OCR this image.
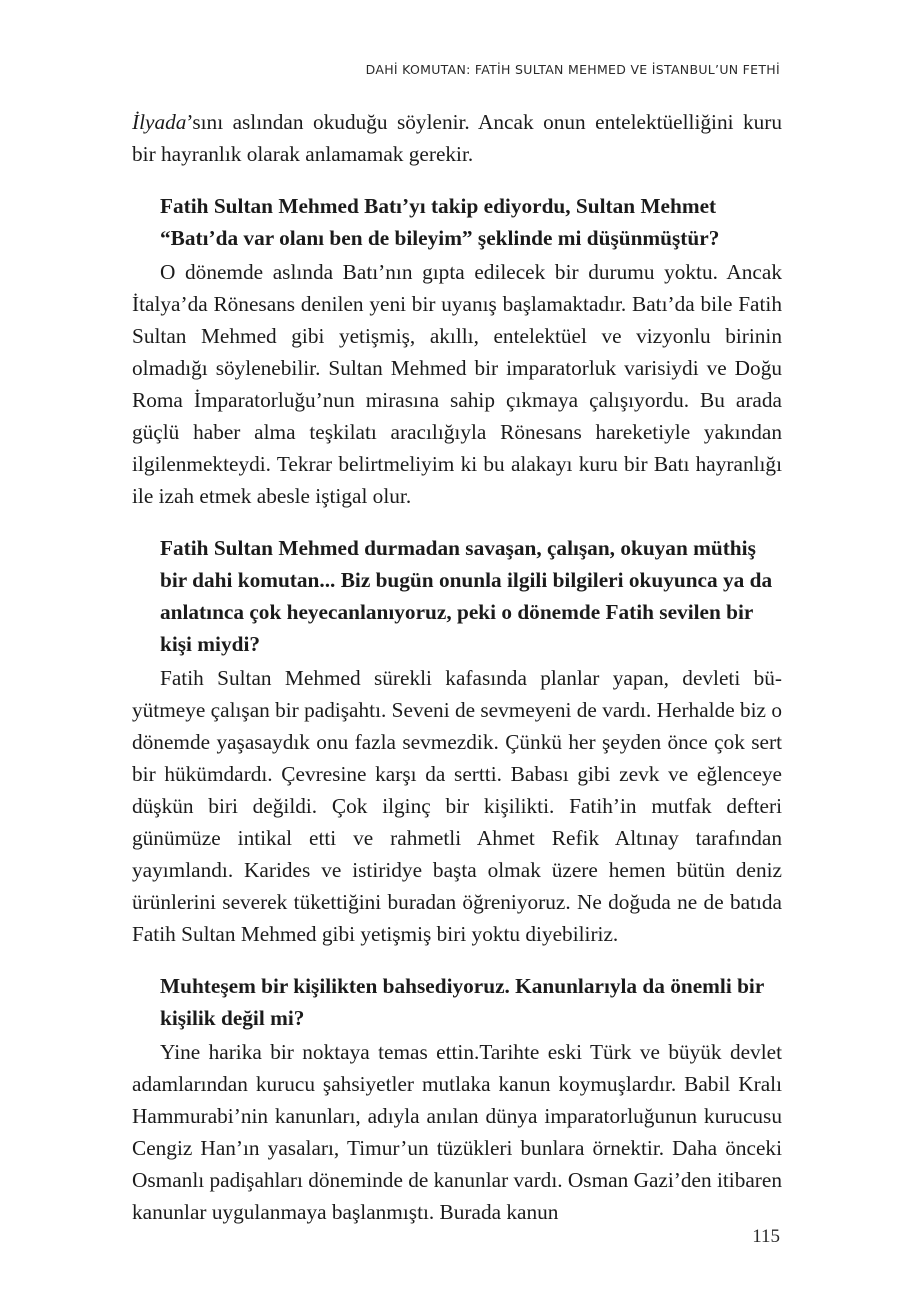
DAHİ KOMUTAN: FATİH SULTAN MEHMED VE İSTANBUL’UN FETHİ

İlyada’sını aslından okuduğu söylenir. Ancak onun entelektüelliğini kuru bir hayranlık olarak anlamamak gerekir.

Fatih Sultan Mehmed Batı’yı takip ediyordu, Sultan Mehmet “Batı’da var olanı ben de bileyim” şeklinde mi düşünmüştür?

O dönemde aslında Batı’nın gıpta edilecek bir durumu yoktu. Ancak İtalya’da Rönesans denilen yeni bir uyanış başlamaktadır. Batı’da bile Fatih Sultan Mehmed gibi yetişmiş, akıllı, entelektüel ve vizyonlu birinin olmadığı söylenebilir. Sultan Mehmed bir imparatorluk varisiydi ve Doğu Roma İmparatorluğu’nun mirasına sahip çıkmaya çalışıyordu. Bu arada güçlü haber alma teşkilatı aracılığıyla Rönesans hareketiyle yakından ilgilenmekteydi. Tekrar belirtmeliyim ki bu alakayı kuru bir Batı hayranlığı ile izah etmek abesle iştigal olur.

Fatih Sultan Mehmed durmadan savaşan, çalışan, okuyan müthiş bir dahi komutan... Biz bugün onunla ilgili bilgileri okuyunca ya da anlatınca çok heyecanlanıyoruz, peki o dönemde Fatih sevilen bir kişi miydi?

Fatih Sultan Mehmed sürekli kafasında planlar yapan, devleti büyütmeye çalışan bir padişahtı. Seveni de sevmeyeni de vardı. Herhalde biz o dönemde yaşasaydık onu fazla sevmezdik. Çünkü her şeyden önce çok sert bir hükümdardı. Çevresine karşı da sertti. Babası gibi zevk ve eğlenceye düşkün biri değildi. Çok ilginç bir kişilikti. Fatih’in mutfak defteri günümüze intikal etti ve rahmetli Ahmet Refik Altınay tarafından yayımlandı. Karides ve istiridye başta olmak üzere hemen bütün deniz ürünlerini severek tükettiğini buradan öğreniyoruz. Ne doğuda ne de batıda Fatih Sultan Mehmed gibi yetişmiş biri yoktu diyebiliriz.

Muhteşem bir kişilikten bahsediyoruz. Kanunlarıyla da önemli bir kişilik değil mi?

Yine harika bir noktaya temas ettin.Tarihte eski Türk ve büyük devlet adamlarından kurucu şahsiyetler mutlaka kanun koymuşlardır. Babil Kralı Hammurabi’nin kanunları, adıyla anılan dünya imparatorluğunun kurucusu Cengiz Han’ın yasaları, Timur’un tüzükleri bunlara örnektir. Daha önceki Osmanlı padişahları döneminde de kanunlar vardı. Osman Gazi’den itibaren kanunlar uygulanmaya başlanmıştı. Burada kanun

115
